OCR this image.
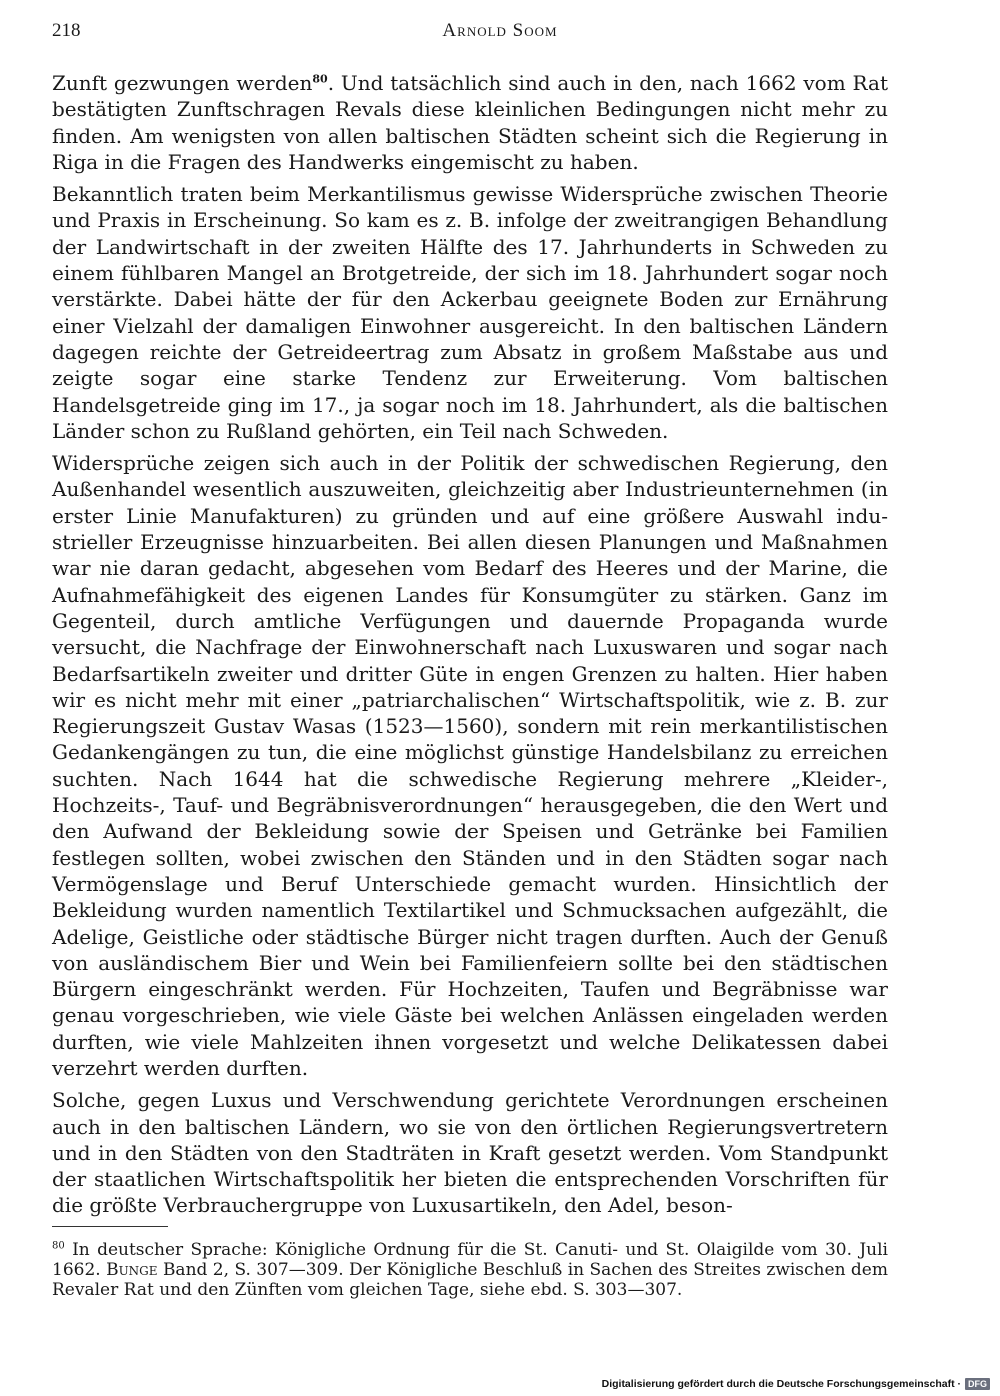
218	Arnold Soom

Zunft gezwungen werden$^{80}$. Und tatsächlich sind auch in den, nach 1662 vom Rat bestätigten Zunftschragen Revals diese kleinlichen Bedingungen nicht mehr zu finden. Am wenigsten von allen baltischen Städten scheint sich die Regierung in Riga in die Fragen des Handwerks eingemischt zu haben.

Bekanntlich traten beim Merkantilismus gewisse Widersprüche zwischen Theorie und Praxis in Erscheinung. So kam es z. B. infolge der zweitrangigen Behandlung der Landwirtschaft in der zweiten Hälfte des 17. Jahrhunderts in Schweden zu einem fühlbaren Mangel an Brotgetreide, der sich im 18. Jahrhundert sogar noch verstärkte. Dabei hätte der für den Ackerbau geeignete Boden zur Ernährung einer Vielzahl der damaligen Einwohner ausgereicht. In den baltischen Ländern dagegen reichte der Getreideertrag zum Absatz in großem Maßstabe aus und zeigte sogar eine starke Tendenz zur Erweiterung. Vom baltischen Handelsgetreide ging im 17., ja sogar noch im 18. Jahrhundert, als die baltischen Länder schon zu Rußland gehörten, ein Teil nach Schweden.

Widersprüche zeigen sich auch in der Politik der schwedischen Regierung, den Außenhandel wesentlich auszuweiten, gleichzeitig aber Industrieunternehmen (in erster Linie Manufakturen) zu gründen und auf eine größere Auswahl industrieller Erzeugnisse hinzuarbeiten. Bei allen diesen Planungen und Maßnahmen war nie daran gedacht, abgesehen vom Bedarf des Heeres und der Marine, die Aufnahmefähigkeit des eigenen Landes für Konsumgüter zu stärken. Ganz im Gegenteil, durch amtliche Verfügungen und dauernde Propaganda wurde versucht, die Nachfrage der Einwohnerschaft nach Luxuswaren und sogar nach Bedarfsartikeln zweiter und dritter Güte in engen Grenzen zu halten. Hier haben wir es nicht mehr mit einer „patriarchalischen“ Wirtschaftspolitik, wie z. B. zur Regierungszeit Gustav Wasas (1523—1560), sondern mit rein merkantilistischen Gedankengängen zu tun, die eine möglichst günstige Handelsbilanz zu erreichen suchten. Nach 1644 hat die schwedische Regierung mehrere „Kleider-, Hochzeits-, Tauf- und Begräbnisverordnungen“ herausgegeben, die den Wert und den Aufwand der Bekleidung sowie der Speisen und Getränke bei Familien festlegen sollten, wobei zwischen den Ständen und in den Städten sogar nach Vermögenslage und Beruf Unterschiede gemacht wurden. Hinsichtlich der Bekleidung wurden namentlich Textilartikel und Schmucksachen aufgezählt, die Adelige, Geistliche oder städtische Bürger nicht tragen durften. Auch der Genuß von ausländischem Bier und Wein bei Familienfeiern sollte bei den städtischen Bürgern eingeschränkt werden. Für Hochzeiten, Taufen und Begräbnisse war genau vorgeschrieben, wie viele Gäste bei welchen Anlässen eingeladen werden durften, wie viele Mahlzeiten ihnen vorgesetzt und welche Delikatessen dabei verzehrt werden durften.

Solche, gegen Luxus und Verschwendung gerichtete Verordnungen erscheinen auch in den baltischen Ländern, wo sie von den örtlichen Regierungsvertretern und in den Städten von den Stadträten in Kraft gesetzt werden. Vom Standpunkt der staatlichen Wirtschaftspolitik her bieten die entsprechenden Vorschriften für die größte Verbrauchergruppe von Luxusartikeln, den Adel, beson-

$^{80}$ In deutscher Sprache: Königliche Ordnung für die St. Canuti- und St. Olaigilde vom 30. Juli 1662. Bunge Band 2, S. 307—309. Der Königliche Beschluß in Sachen des Streites zwischen dem Revaler Rat und den Zünften vom gleichen Tage, siehe ebd. S. 303—307.

Digitalisierung gefördert durch die Deutsche Forschungsgemeinschaft · DFG
